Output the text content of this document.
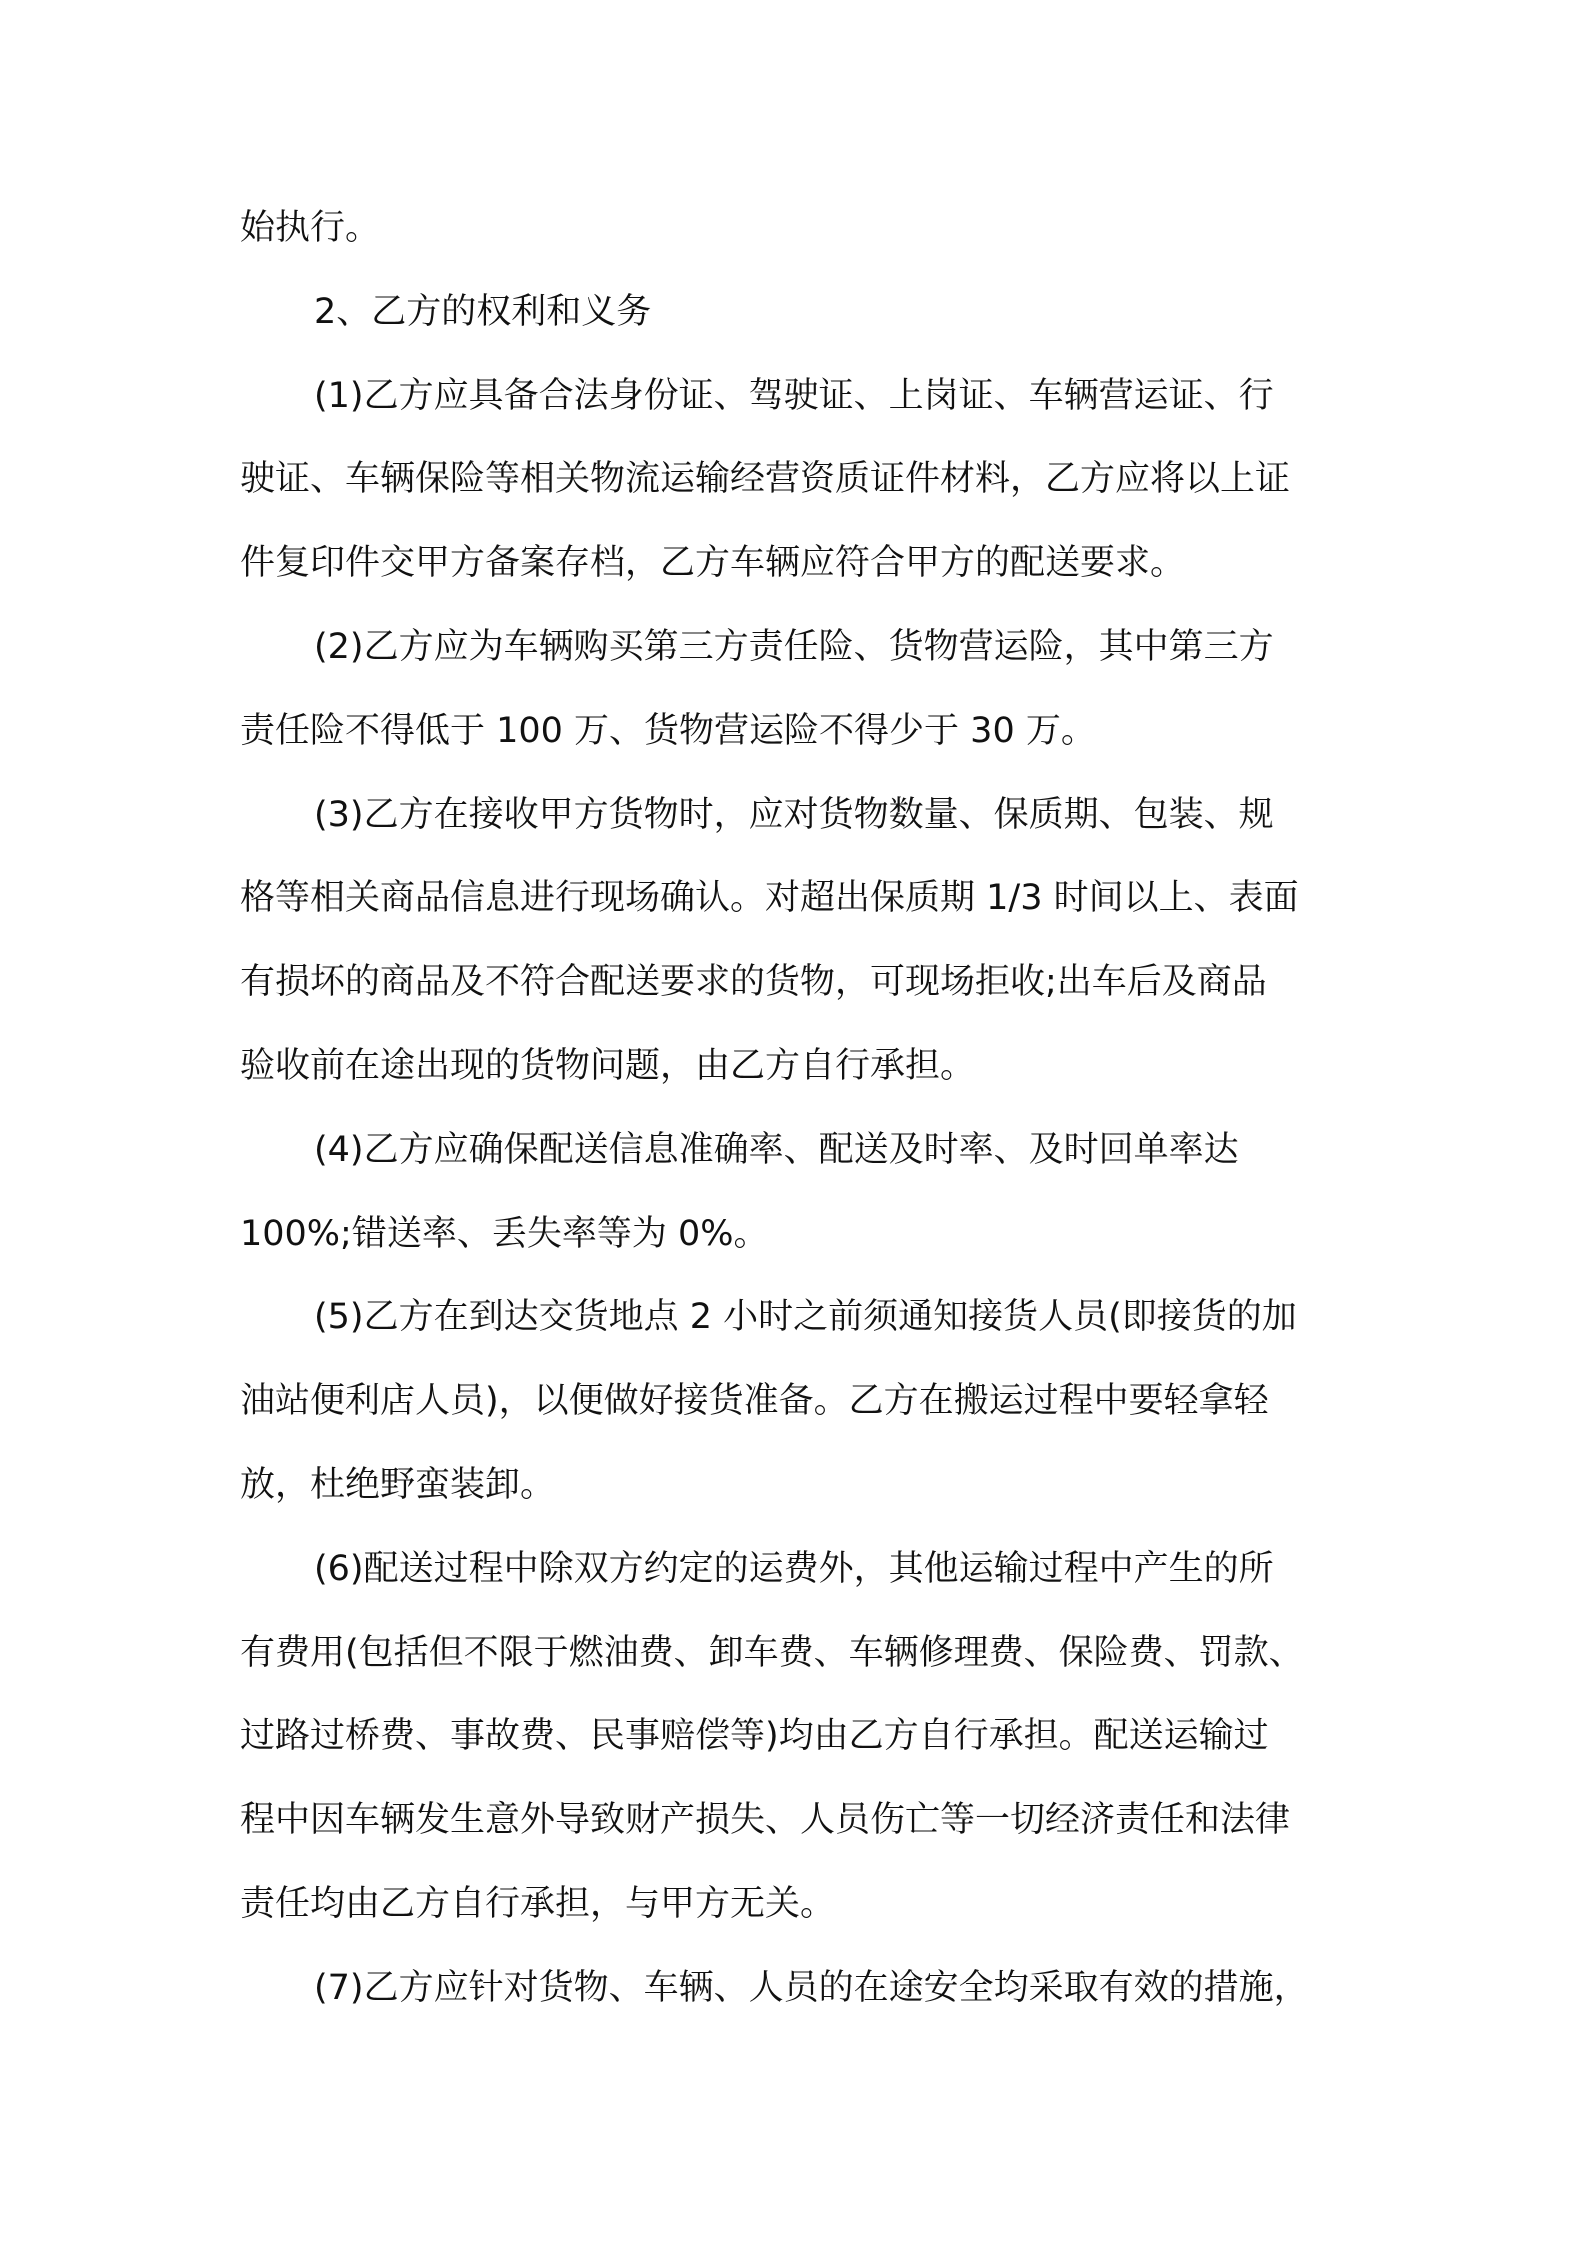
始执行。

2、乙方的权利和义务

(1)乙方应具备合法身份证、驾驶证、上岗证、车辆营运证、行

驶证、车辆保险等相关物流运输经营资质证件材料，乙方应将以上证

件复印件交甲方备案存档，乙方车辆应符合甲方的配送要求。

(2)乙方应为车辆购买第三方责任险、货物营运险，其中第三方

责任险不得低于 100 万、货物营运险不得少于 30 万。

(3)乙方在接收甲方货物时，应对货物数量、保质期、包装、规

格等相关商品信息进行现场确认。对超出保质期 1/3 时间以上、表面

有损坏的商品及不符合配送要求的货物，可现场拒收;出车后及商品

验收前在途出现的货物问题，由乙方自行承担。

(4)乙方应确保配送信息准确率、配送及时率、及时回单率达

100%;错送率、丢失率等为 0%。

(5)乙方在到达交货地点 2 小时之前须通知接货人员(即接货的加

油站便利店人员)，以便做好接货准备。乙方在搬运过程中要轻拿轻

放，杜绝野蛮装卸。

(6)配送过程中除双方约定的运费外，其他运输过程中产生的所

有费用(包括但不限于燃油费、卸车费、车辆修理费、保险费、罚款、

过路过桥费、事故费、民事赔偿等)均由乙方自行承担。配送运输过

程中因车辆发生意外导致财产损失、人员伤亡等一切经济责任和法律

责任均由乙方自行承担，与甲方无关。

(7)乙方应针对货物、车辆、人员的在途安全均采取有效的措施，
